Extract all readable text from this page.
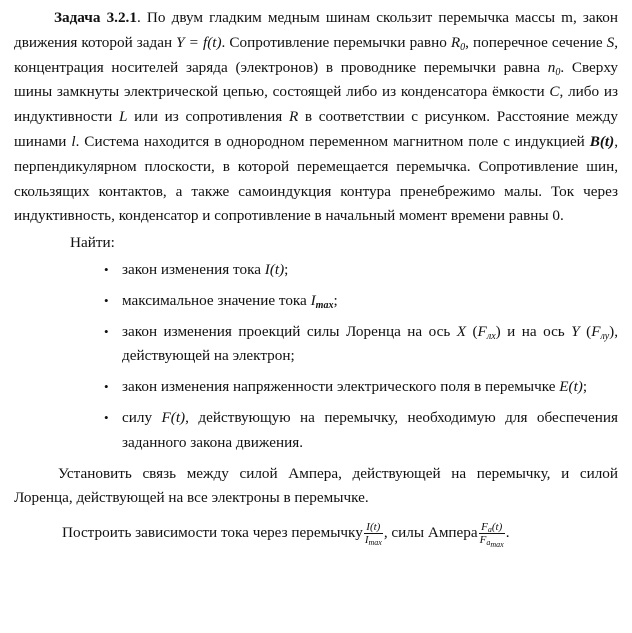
Задача 3.2.1. По двум гладким медным шинам скользит перемычка массы m, закон движения которой задан Y = f(t). Сопротивление перемычки равно $R_0$, поперечное сечение S, концентрация носителей заряда (электронов) в проводнике перемычки равна $n_0$. Сверху шины замкнуты электрической цепью, состоящей либо из конденсатора ёмкости C, либо из индуктивности L или из сопротивления R в соответствии с рисунком. Расстояние между шинами l. Система находится в однородном переменном магнитном поле с индукцией B(t), перпендикулярном плоскости, в которой перемещается перемычка. Сопротивление шин, скользящих контактов, а также самоиндукция контура пренебрежимо малы. Ток через индуктивность, конденсатор и сопротивление в начальный момент времени равны 0.

Найти:

• закон изменения тока I(t);
• максимальное значение тока $I_{max}$;
• закон изменения проекций силы Лоренца на ось X $(F_{лх})$ и на ось Y $(F_{лу})$, действующей на электрон;
• закон изменения напряженности электрического поля в перемычке E(t);
• силу F(t), действующую на перемычку, необходимую для обеспечения заданного закона движения.

Установить связь между силой Ампера, действующей на перемычку, и силой Лоренца, действующей на все электроны в перемычке.

Построить зависимости тока через перемычку $\frac{I(t)}{I_{max}}$ , силы Ампера $\frac{F_a(t)}{F_{a_{max}}}$ .
